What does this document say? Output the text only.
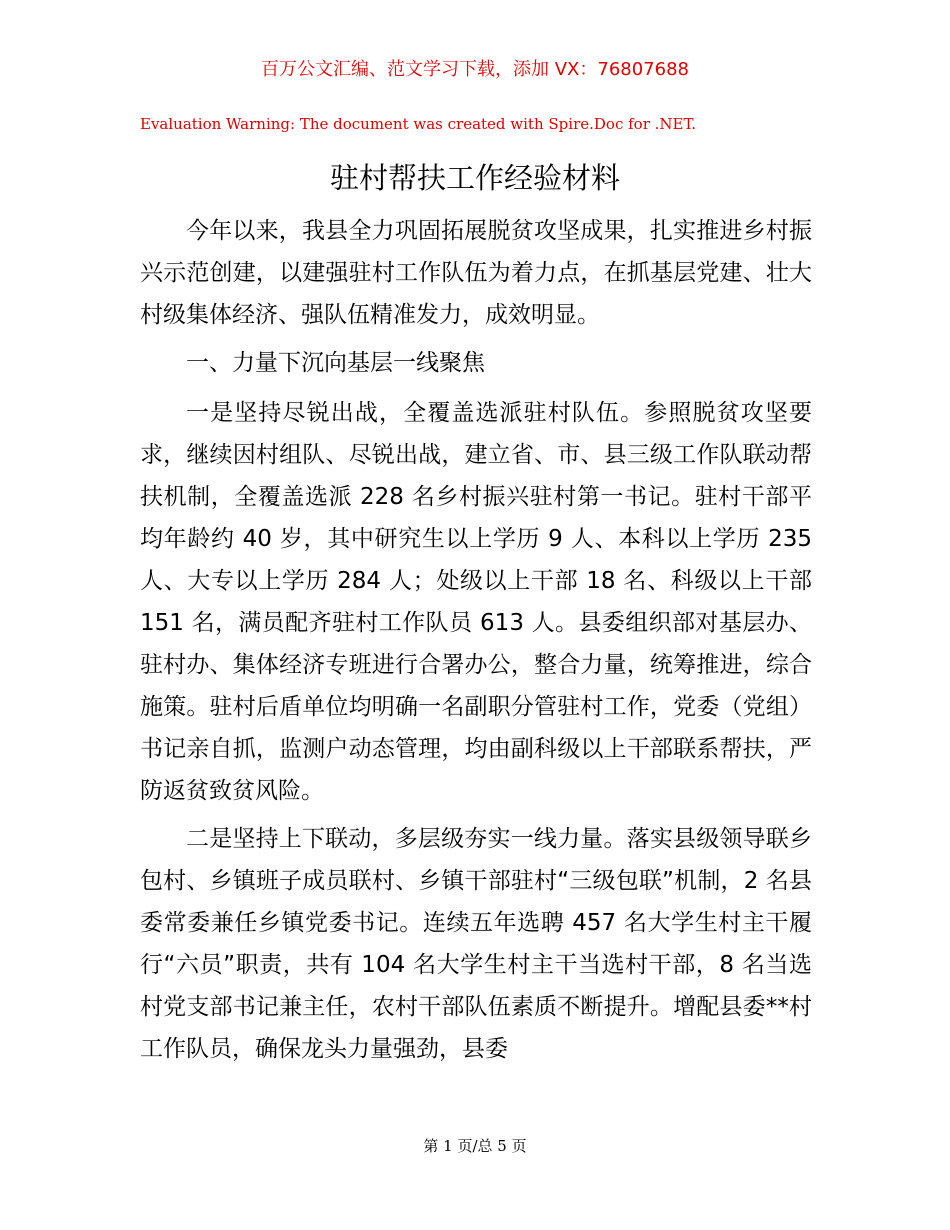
百万公文汇编、范文学习下载，添加 VX：76807688
Evaluation Warning: The document was created with Spire.Doc for .NET.
驻村帮扶工作经验材料

今年以来，我县全力巩固拓展脱贫攻坚成果，扎实推进乡村振兴示范创建，以建强驻村工作队伍为着力点，在抓基层党建、壮大村级集体经济、强队伍精准发力，成效明显。

一、力量下沉向基层一线聚焦

一是坚持尽锐出战，全覆盖选派驻村队伍。参照脱贫攻坚要求，继续因村组队、尽锐出战，建立省、市、县三级工作队联动帮扶机制，全覆盖选派 228 名乡村振兴驻村第一书记。驻村干部平均年龄约 40 岁，其中研究生以上学历 9 人、本科以上学历 235 人、大专以上学历 284 人；处级以上干部 18 名、科级以上干部 151 名，满员配齐驻村工作队员 613 人。县委组织部对基层办、驻村办、集体经济专班进行合署办公，整合力量，统筹推进，综合施策。驻村后盾单位均明确一名副职分管驻村工作，党委（党组）书记亲自抓，监测户动态管理，均由副科级以上干部联系帮扶，严防返贫致贫风险。

二是坚持上下联动，多层级夯实一线力量。落实县级领导联乡包村、乡镇班子成员联村、乡镇干部驻村“三级包联”机制，2 名县委常委兼任乡镇党委书记。连续五年选聘 457 名大学生村主干履行“六员”职责，共有 104 名大学生村主干当选村干部，8 名当选村党支部书记兼主任，农村干部队伍素质不断提升。增配县委**村工作队员，确保龙头力量强劲，县委

第 1 页/总 5 页
